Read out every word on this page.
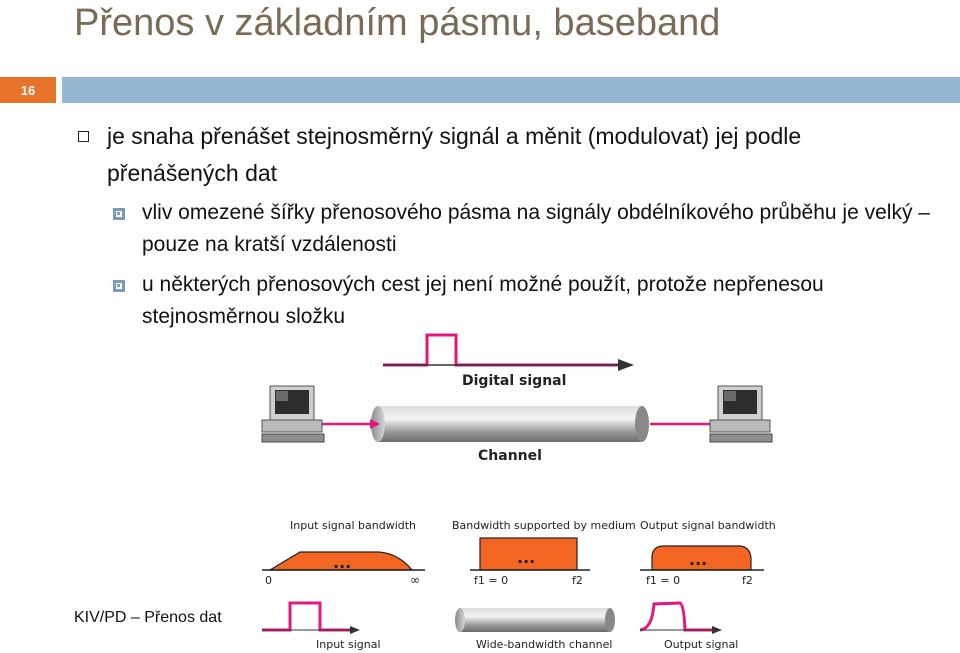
Přenos v základním pásmu, baseband
16
je snaha přenášet stejnosměrný signál a měnit (modulovat) jej podle přenášených dat
vliv omezené šířky přenosového pásma na signály obdélníkového průběhu je velký – pouze na kratší vzdálenosti
u některých přenosových cest jej není možné použít, protože nepřenesou stejnosměrnou složku
Digital signal
Channel
Input signal bandwidth	Bandwidth supported by medium Output signal bandwidth
...
0	∞
...
f1 = 0	f2
...
f1 = 0	f2
Input signal	Wide-bandwidth channel	Output signal
KIV/PD – Přenos dat
